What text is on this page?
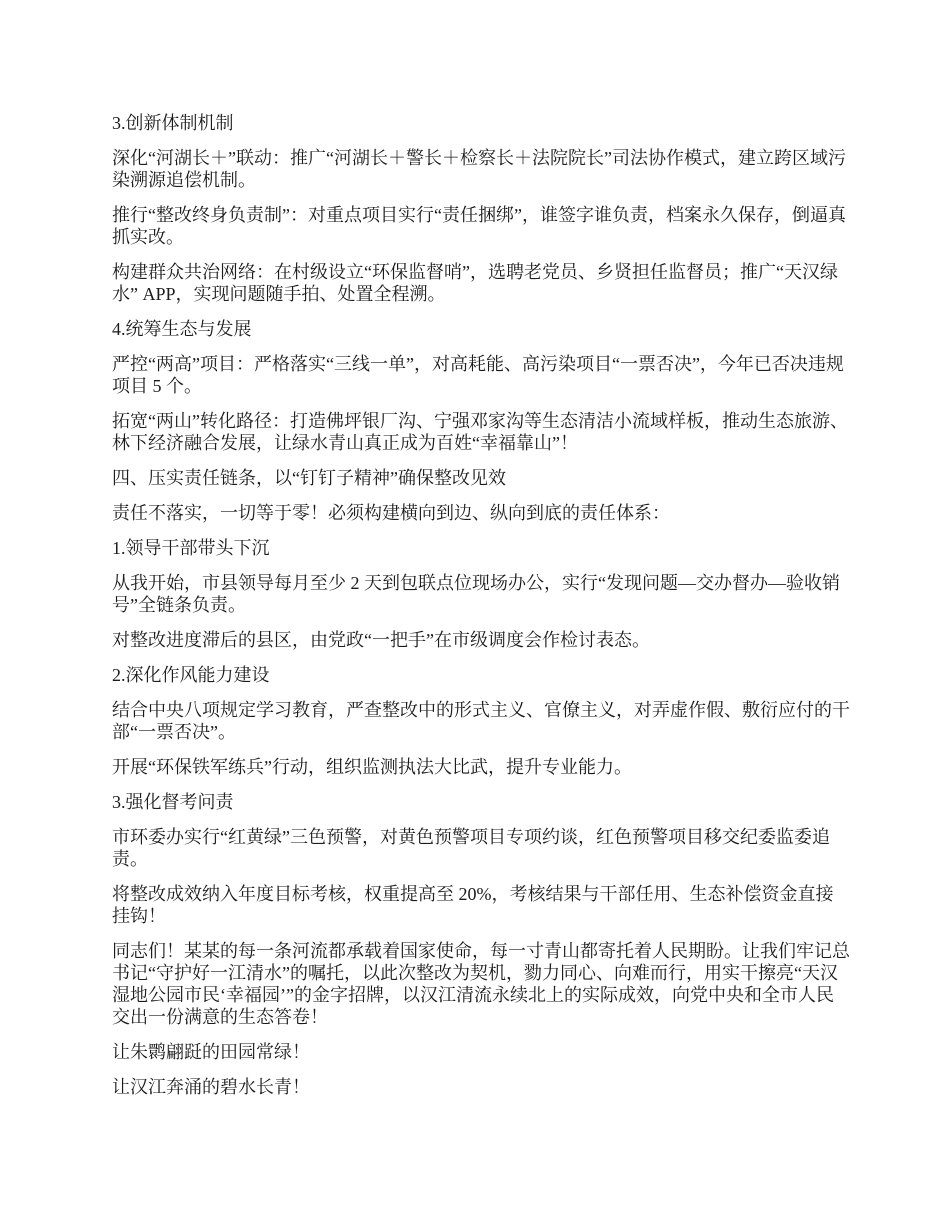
3.创新体制机制

深化“河湖长＋”联动：推广“河湖长＋警长＋检察长＋法院院长”司法协作模式，建立跨区域污染溯源追偿机制。

推行“整改终身负责制”：对重点项目实行“责任捆绑”，谁签字谁负责，档案永久保存，倒逼真抓实改。

构建群众共治网络：在村级设立“环保监督哨”，选聘老党员、乡贤担任监督员；推广“天汉绿水” APP，实现问题随手拍、处置全程溯。

4.统筹生态与发展

严控“两高”项目：严格落实“三线一单”，对高耗能、高污染项目“一票否决”，今年已否决违规项目 5 个。

拓宽“两山”转化路径：打造佛坪银厂沟、宁强邓家沟等生态清洁小流域样板，推动生态旅游、林下经济融合发展，让绿水青山真正成为百姓“幸福靠山”！

四、压实责任链条，以“钉钉子精神”确保整改见效

责任不落实，一切等于零！必须构建横向到边、纵向到底的责任体系：

1.领导干部带头下沉

从我开始，市县领导每月至少 2 天到包联点位现场办公，实行“发现问题—交办督办—验收销号”全链条负责。

对整改进度滞后的县区，由党政“一把手”在市级调度会作检讨表态。

2.深化作风能力建设

结合中央八项规定学习教育，严查整改中的形式主义、官僚主义，对弄虚作假、敷衍应付的干部“一票否决”。

开展“环保铁军练兵”行动，组织监测执法大比武，提升专业能力。

3.强化督考问责

市环委办实行“红黄绿”三色预警，对黄色预警项目专项约谈，红色预警项目移交纪委监委追责。

将整改成效纳入年度目标考核，权重提高至 20%，考核结果与干部任用、生态补偿资金直接挂钩！

同志们！某某的每一条河流都承载着国家使命，每一寸青山都寄托着人民期盼。让我们牢记总书记“守护好一江清水”的嘱托，以此次整改为契机，勠力同心、向难而行，用实干擦亮“天汉湿地公园市民‘幸福园’”的金字招牌，以汉江清流永续北上的实际成效，向党中央和全市人民交出一份满意的生态答卷！

让朱鹮翩跹的田园常绿！

让汉江奔涌的碧水长青！
